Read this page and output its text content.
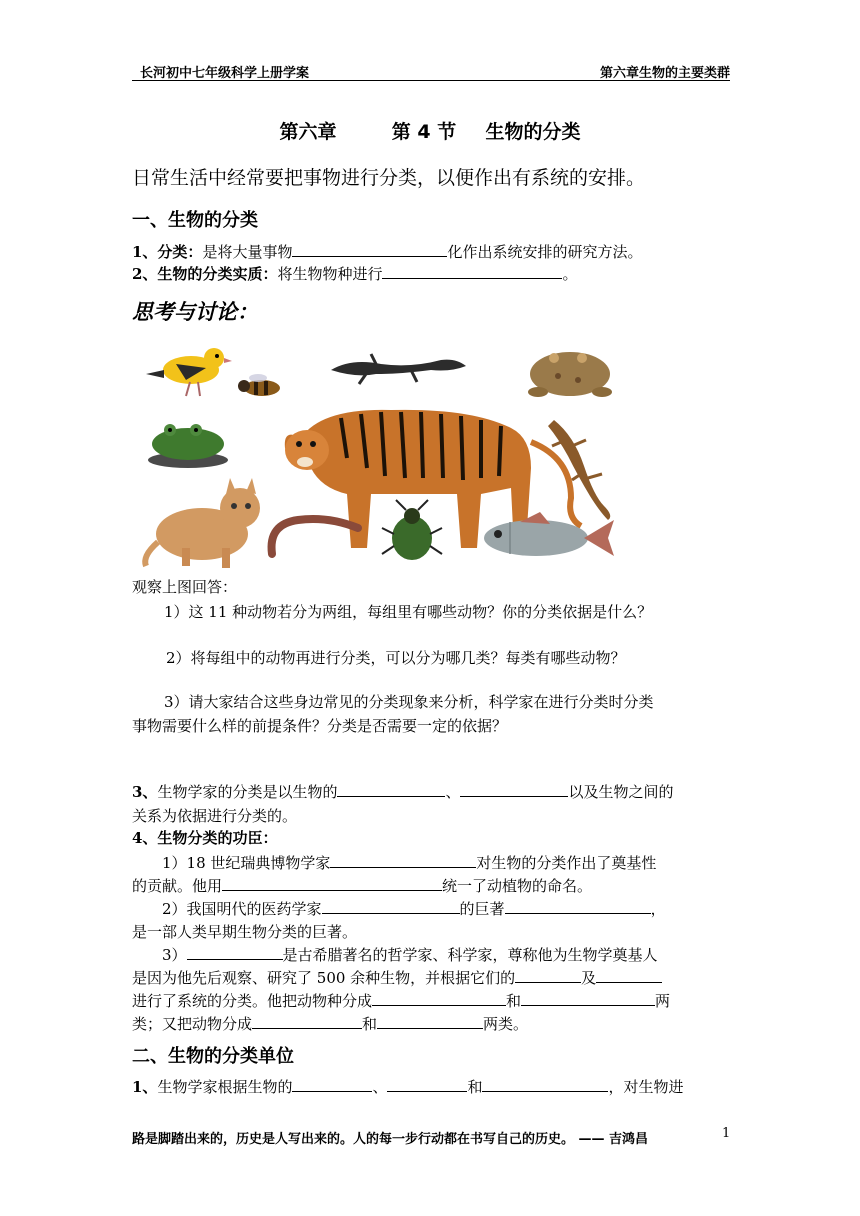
长河初中七年级科学上册学案	第六章生物的主要类群
第六章	第 4 节 生物的分类
日常生活中经常要把事物进行分类，以便作出有系统的安排。
一、生物的分类
1、分类：是将大量事物	化作出系统安排的研究方法。
2、生物的分类实质：将生物物种进行	。
思考与讨论：
观察上图回答：
1）这 11 种动物若分为两组，每组里有哪些动物？你的分类依据是什么？
2）将每组中的动物再进行分类，可以分为哪几类？每类有哪些动物？
3）请大家结合这些身边常见的分类现象来分析，科学家在进行分类时分类
事物需要什么样的前提条件？分类是否需要一定的依据？
3、生物学家的分类是以生物的	、	以及生物之间的
关系为依据进行分类的。
4、生物分类的功臣：
1）18 世纪瑞典博物学家	对生物的分类作出了奠基性
的贡献。他用	统一了动植物的命名。
2）我国明代的医药学家	的巨著	，
是一部人类早期生物分类的巨著。
3）	是古希腊著名的哲学家、科学家，尊称他为生物学奠基人
是因为他先后观察、研究了 500 余种生物，并根据它们的	及
进行了系统的分类。他把动物种分成	和	两
类；又把动物分成	和	两类。
二、生物的分类单位
1、生物学家根据生物的	、	和	，对生物进
路是脚踏出来的，历史是人写出来的。人的每一步行动都在书写自己的历史。 —— 吉鸿昌	1
